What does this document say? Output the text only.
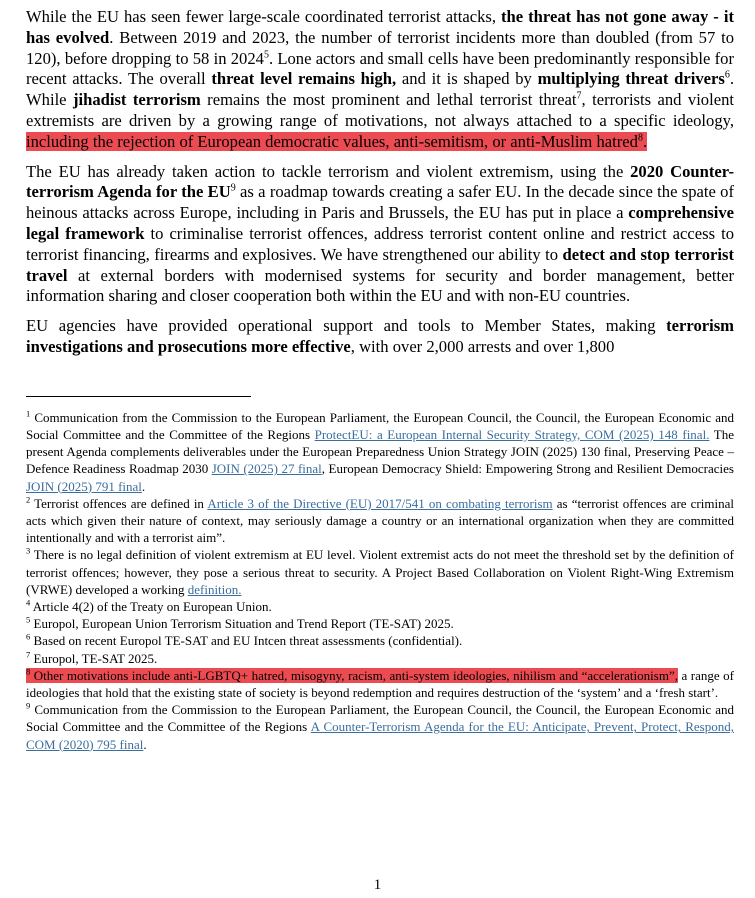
While the EU has seen fewer large-scale coordinated terrorist attacks, the threat has not gone away - it has evolved. Between 2019 and 2023, the number of terrorist incidents more than doubled (from 57 to 120), before dropping to 58 in 2024$^5$. Lone actors and small cells have been predominantly responsible for recent attacks. The overall threat level remains high, and it is shaped by multiplying threat drivers$^6$. While jihadist terrorism remains the most prominent and lethal terrorist threat$^7$, terrorists and violent extremists are driven by a growing range of motivations, not always attached to a specific ideology, including the rejection of European democratic values, anti-semitism, or anti-Muslim hatred$^8$.

The EU has already taken action to tackle terrorism and violent extremism, using the 2020 Counter-terrorism Agenda for the $EU^9$ as a roadmap towards creating a safer EU. In the decade since the spate of heinous attacks across Europe, including in Paris and Brussels, the EU has put in place a comprehensive legal framework to criminalise terrorist offences, address terrorist content online and restrict access to terrorist financing, firearms and explosives. We have strengthened our ability to detect and stop terrorist travel at external borders with modernised systems for security and border management, better information sharing and closer cooperation both within the EU and with non-EU countries.

EU agencies have provided operational support and tools to Member States, making terrorism investigations and prosecutions more effective, with over 2,000 arrests and over 1,800

$^1$ Communication from the Commission to the European Parliament, the European Council, the Council, the European Economic and Social Committee and the Committee of the Regions ProtectEU: a European Internal Security Strategy, COM (2025) 148 final. The present Agenda complements deliverables under the European Preparedness Union Strategy JOIN (2025) 130 final, Preserving Peace – Defence Readiness Roadmap 2030 JOIN (2025) 27 final, European Democracy Shield: Empowering Strong and Resilient Democracies JOIN (2025) 791 final.

$^2$ Terrorist offences are defined in Article 3 of the Directive (EU) 2017/541 on combating terrorism as “terrorist offences are criminal acts which given their nature of context, may seriously damage a country or an international organization when they are committed intentionally and with a terrorist aim”.

$^3$ There is no legal definition of violent extremism at EU level. Violent extremist acts do not meet the threshold set by the definition of terrorist offences; however, they pose a serious threat to security. A Project Based Collaboration on Violent Right-Wing Extremism (VRWE) developed a working definition.

$^4$ Article 4(2) of the Treaty on European Union.

$^5$ Europol, European Union Terrorism Situation and Trend Report (TE-SAT) 2025.

$^6$ Based on recent Europol TE-SAT and EU Intcen threat assessments (confidential).

$^7$ Europol, TE-SAT 2025.

$^8$ Other motivations include anti-LGBTQ+ hatred, misogyny, racism, anti-system ideologies, nihilism and “accelerationism”, a range of ideologies that hold that the existing state of society is beyond redemption and requires destruction of the ‘system’ and a ‘fresh start’.

$^9$ Communication from the Commission to the European Parliament, the European Council, the Council, the European Economic and Social Committee and the Committee of the Regions A Counter-Terrorism Agenda for the EU: Anticipate, Prevent, Protect, Respond, COM (2020) 795 final.

1
